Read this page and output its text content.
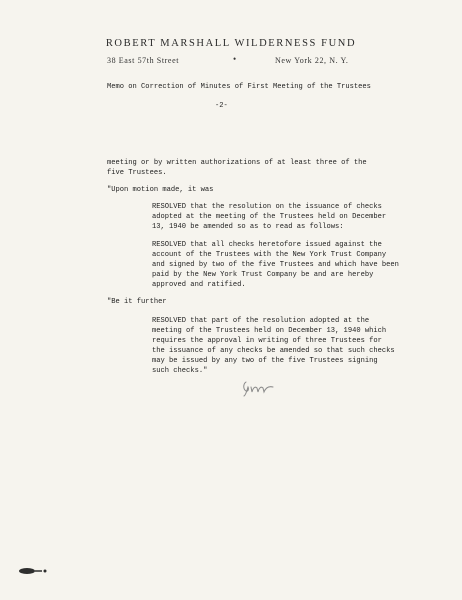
ROBERT MARSHALL WILDERNESS FUND
38 East 57th Street	•	New York 22, N. Y.
Memo on Correction of Minutes of First Meeting of the Trustees
-2-
meeting or by written authorizations of at least three of the
five Trustees.
"Upon motion made, it was
RESOLVED that the resolution on the issuance of checks
adopted at the meeting of the Trustees held on December
13, 1940 be amended so as to read as follows:
RESOLVED that all checks heretofore issued against the
account of the Trustees with the New York Trust Company
and signed by two of the five Trustees and which have been
paid by the New York Trust Company be and are hereby
approved and ratified.
"Be it further
RESOLVED that part of the resolution adopted at the
meeting of the Trustees held on December 13, 1940 which
requires the approval in writing of three Trustees for
the issuance of any checks be amended so that such checks
may be issued by any two of the five Trustees signing
such checks."
